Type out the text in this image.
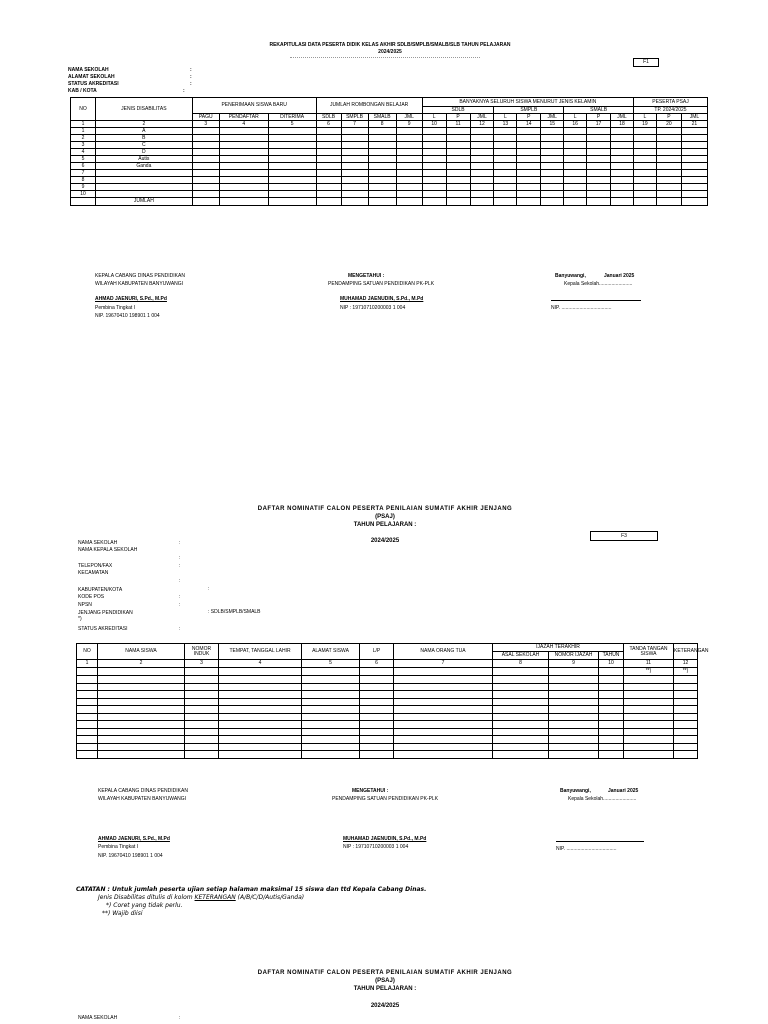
REKAPITULASI DATA PESERTA DIDIK KELAS AKHIR SDLB/SMPLB/SMALB/SLB TAHUN PELAJARAN
2024/2025
F1
NAMA SEKOLAH	:
ALAMAT SEKOLAH	:
STATUS AKREDITASI	:
KAB / KOTA	:
NO	JENIS DISABILITAS	PENERIMAAN SISWA BARU			JUMLAH ROMBONGAN BELAJAR				BANYAKNYA SELURUH SISWA MENURUT JENIS KELAMIN									PESERTA PSAJ		
									SDLB			SMPLB			SMALB			TP. 2024/2025		
		PAGU	PENDAFTAR	DITERIMA	SDLB	SMPLB	SMALB	JML	L	P	JML	L	P	JML	L	P	JML	L	P	JML
1	2	3	4	5	6	7	8	9	10	11	12	13	14	15	16	17	18	19	20	21
1	A																			
2	B																			
3	C																			
4	D																			
5	Autis																			
6	Ganda																			
7																				
8																				
9																				
10																				
	JUMLAH																			
KEPALA CABANG DINAS PENDIDIKAN
WILAYAH KABUPATEN BANYUWANGI
MENGETAHUI :
PENDAMPING SATUAN PENDIDIKAN PK-PLK
Banyuwangi,	Januari 2025
Kepala Sekolah........................
AHMAD JAENURI, S.Pd., M.Pd
Pembina Tingkat I
NIP. 19670410 198901 1 004
MUHAMAD JAENUDIN, S.Pd., M.Pd
NIP : 19710710200003 1 004	NIP. ....................................
DAFTAR NOMINATIF CALON PESERTA PENILAIAN SUMATIF AKHIR JENJANG
(PSAJ)
TAHUN PELAJARAN :
2024/2025
F3
NAMA SEKOLAH	:
NAMA KEPALA SEKOLAH
:
TELEPON/FAX	:
KECAMATAN
:
KABUPATEN/KOTA	:
KODE POS	:
NPSN	:
JENJANG PENDIDIKAN	: SDLB/SMPLB/SMALB
*)
STATUS AKREDITASI	:
NO	NAMA SISWA	NOMOR
INDUK	TEMPAT, TANGGAL LAHIR	ALAMAT SISWA	L/P	NAMA ORANG TUA	IJAZAH TERAKHIR			TANDA TANGAN
SISWA	KETERANGAN
							ASAL SEKOLAH	NOMOR IJAZAH	TAHUN		
1	2	3	4	5	6	7	8	9	10	11	12
										**)	**)

KEPALA CABANG DINAS PENDIDIKAN
WILAYAH KABUPATEN BANYUWANGI
MENGETAHUI :
PENDAMPING SATUAN PENDIDIKAN PK-PLK
Banyuwangi,	Januari 2025
Kepala Sekolah........................
AHMAD JAENURI, S.Pd., M.Pd
Pembina Tingkat I
NIP. 19670410 198901 1 004
MUHAMAD JAENUDIN, S.Pd., M.Pd
NIP : 19710710200003 1 004	NIP. ....................................
CATATAN : Untuk jumlah peserta ujian setiap halaman maksimal 15 siswa dan ttd Kepala Cabang Dinas.
Jenis Disabilitas ditulis di kolom KETERANGAN (A/B/C/D/Autis/Ganda)
*) Coret yang tidak perlu.
**) Wajib diisi
DAFTAR NOMINATIF CALON PESERTA PENILAIAN SUMATIF AKHIR JENJANG
(PSAJ)
TAHUN PELAJARAN :
2024/2025
NAMA SEKOLAH	:
